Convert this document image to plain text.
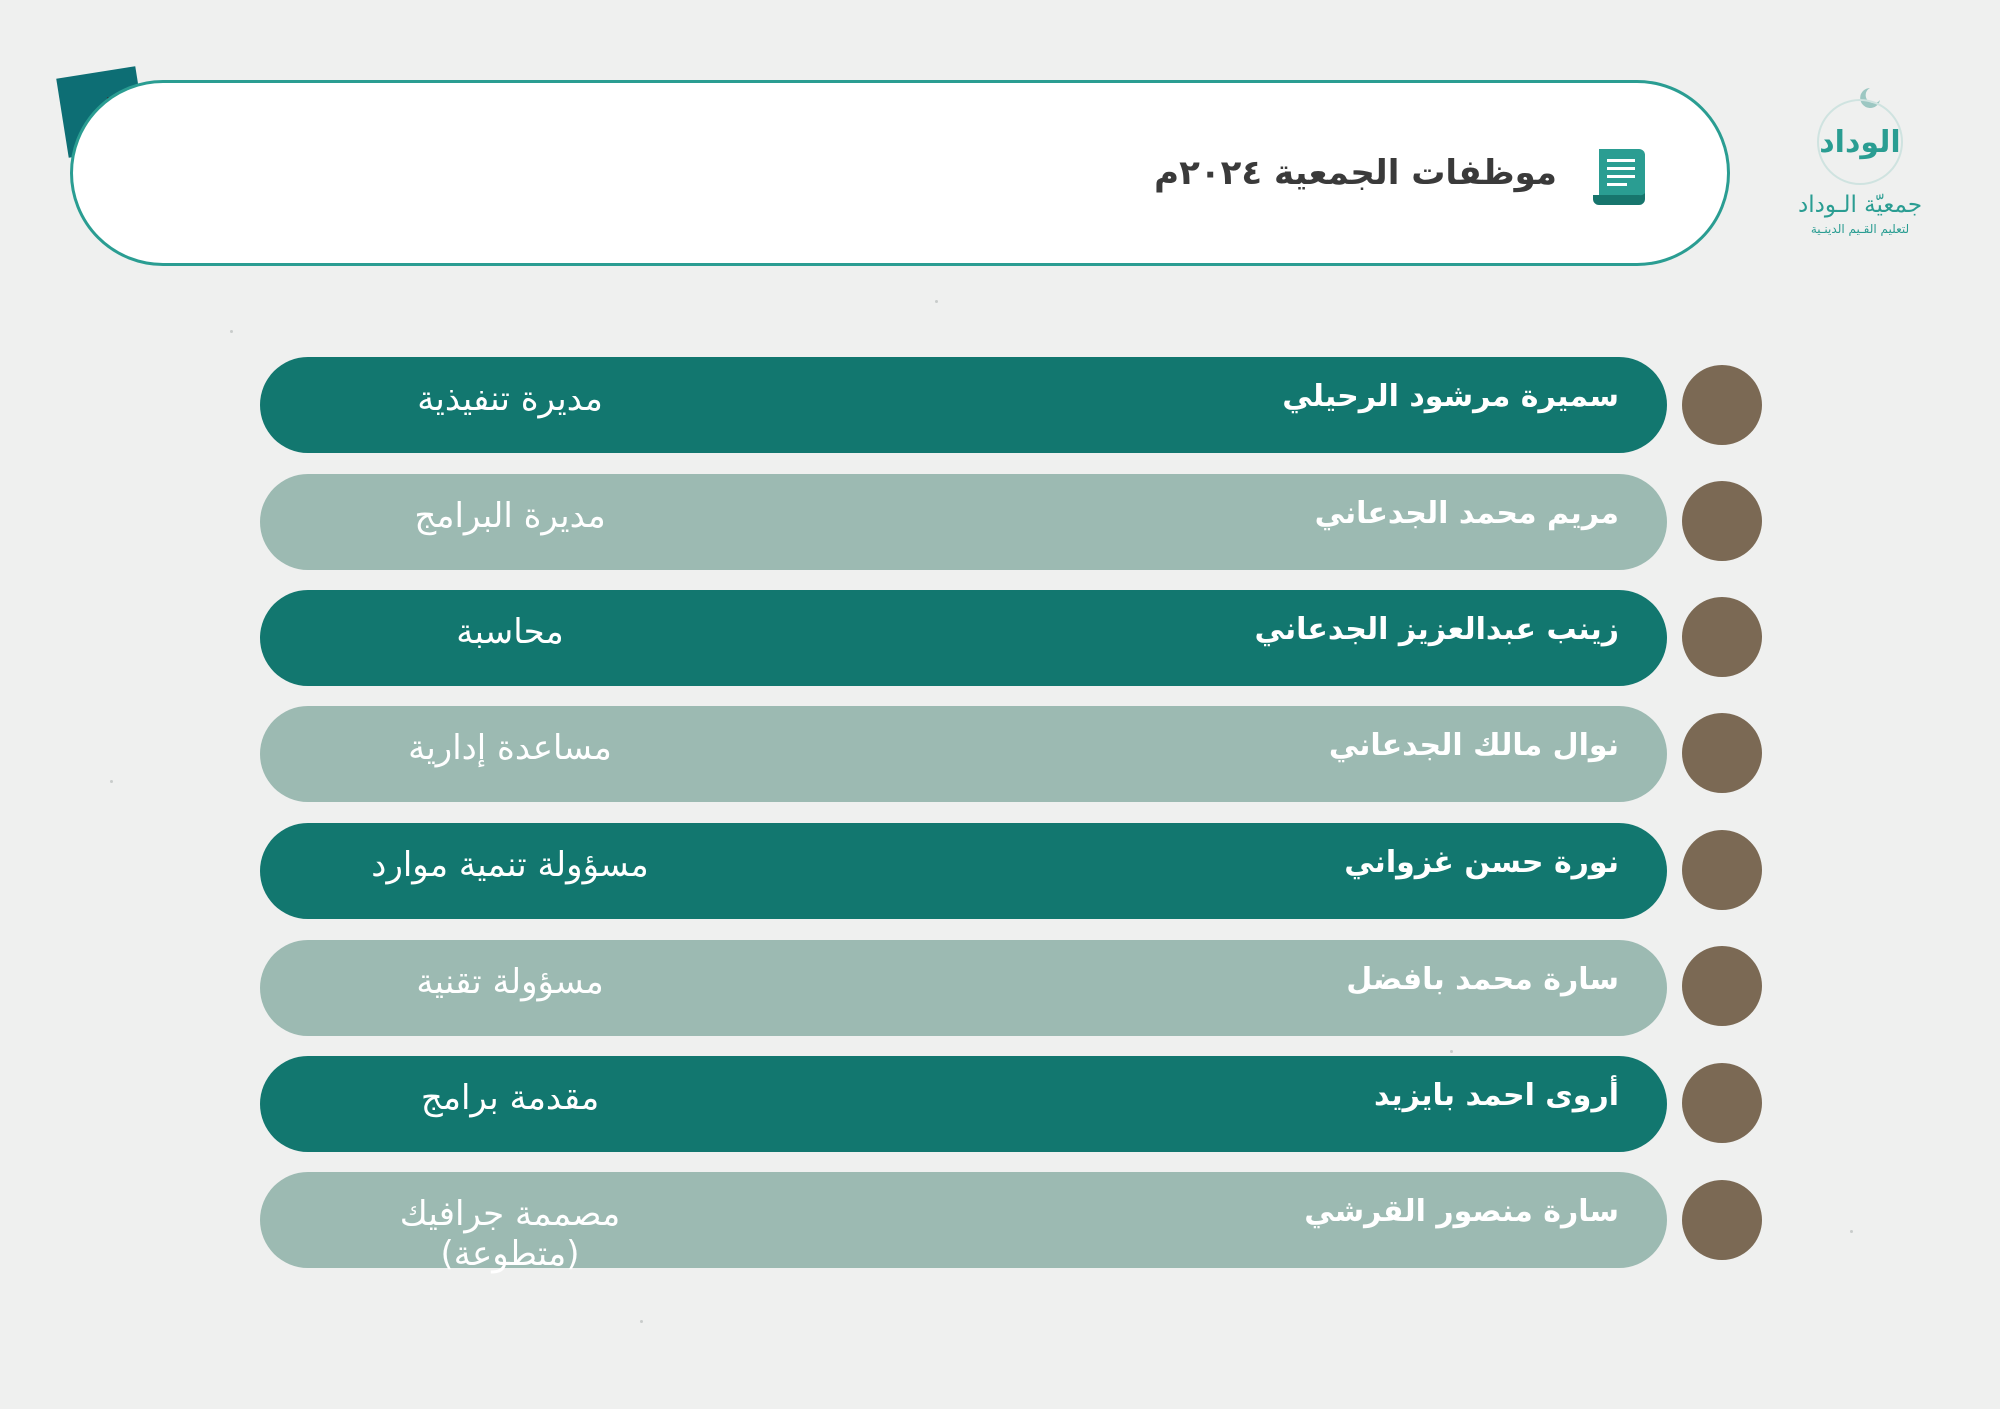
موظفات الجمعية ٢٠٢٤م
الوداد
جمعيّة الـوداد
لتعليم القـيم الدينـية
سميرة مرشود الرحيلي
مديرة تنفيذية
مريم محمد الجدعاني
مديرة البرامج
زينب عبدالعزيز الجدعاني
محاسبة
نوال مالك الجدعاني
مساعدة إدارية
نورة حسن غزواني
مسؤولة تنمية موارد
سارة محمد بافضل
مسؤولة تقنية
أروى احمد بايزيد
مقدمة برامج
سارة منصور القرشي
مصممة جرافيك (متطوعة)
